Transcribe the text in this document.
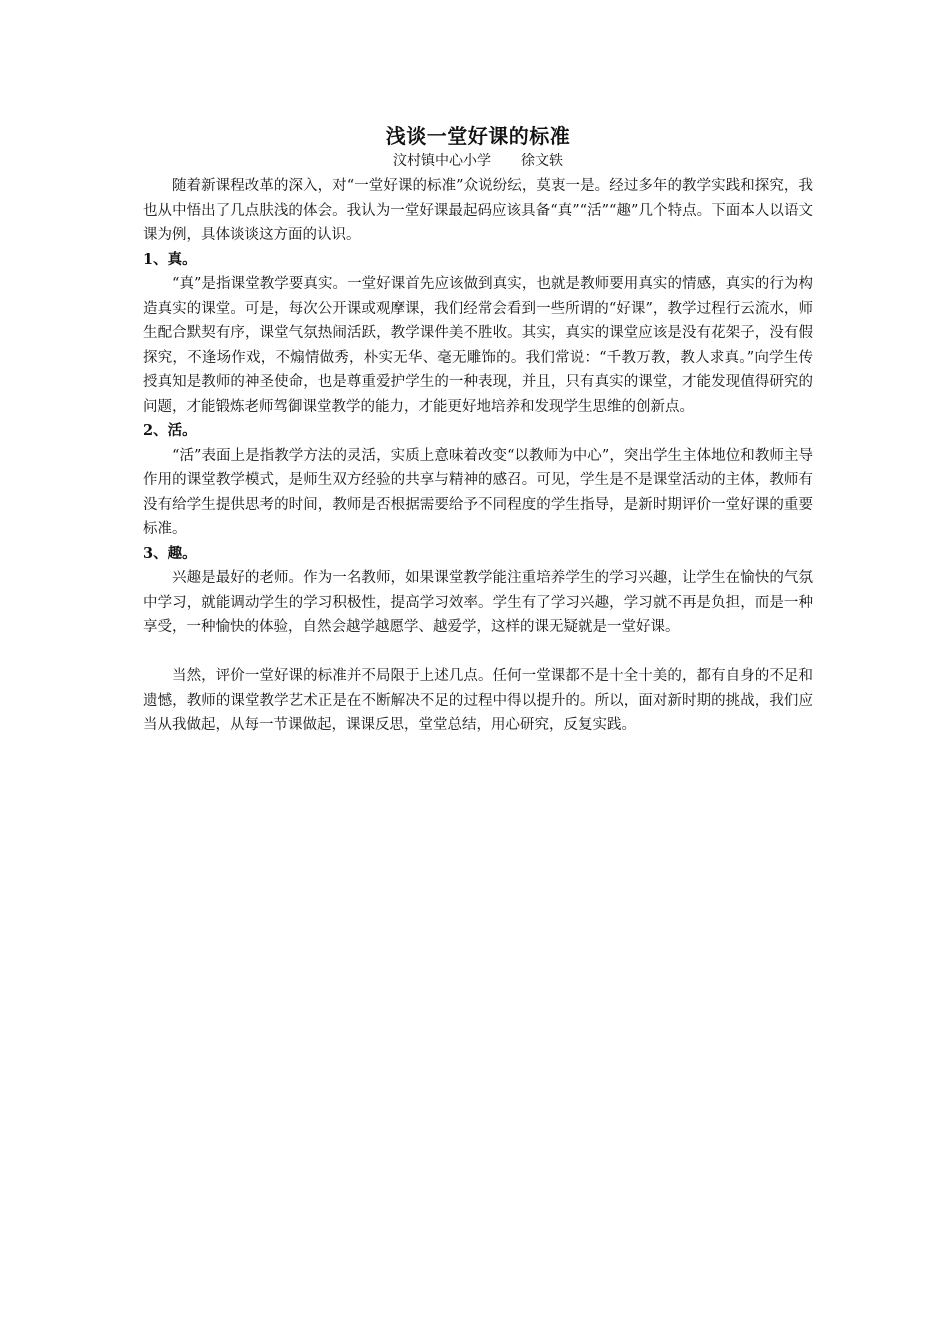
浅谈一堂好课的标准
汶村镇中心小学 徐文轶

随着新课程改革的深入，对“一堂好课的标准”众说纷纭，莫衷一是。经过多年的教学实践和探究，我也从中悟出了几点肤浅的体会。我认为一堂好课最起码应该具备“真”“活”“趣”几个特点。下面本人以语文课为例，具体谈谈这方面的认识。

1、真。

“真”是指课堂教学要真实。一堂好课首先应该做到真实，也就是教师要用真实的情感，真实的行为构造真实的课堂。可是，每次公开课或观摩课，我们经常会看到一些所谓的“好课”，教学过程行云流水，师生配合默契有序，课堂气氛热闹活跃，教学课件美不胜收。其实，真实的课堂应该是没有花架子，没有假探究，不逢场作戏，不煽情做秀，朴实无华、毫无雕饰的。我们常说：“千教万教，教人求真。”向学生传授真知是教师的神圣使命，也是尊重爱护学生的一种表现，并且，只有真实的课堂，才能发现值得研究的问题，才能锻炼老师驾御课堂教学的能力，才能更好地培养和发现学生思维的创新点。

2、活。

“活”表面上是指教学方法的灵活，实质上意味着改变“以教师为中心”，突出学生主体地位和教师主导作用的课堂教学模式，是师生双方经验的共享与精神的感召。可见，学生是不是课堂活动的主体，教师有没有给学生提供思考的时间，教师是否根据需要给予不同程度的学生指导，是新时期评价一堂好课的重要标准。

3、趣。

兴趣是最好的老师。作为一名教师，如果课堂教学能注重培养学生的学习兴趣，让学生在愉快的气氛中学习，就能调动学生的学习积极性，提高学习效率。学生有了学习兴趣，学习就不再是负担，而是一种享受，一种愉快的体验，自然会越学越愿学、越爱学，这样的课无疑就是一堂好课。

当然，评价一堂好课的标准并不局限于上述几点。任何一堂课都不是十全十美的，都有自身的不足和遗憾，教师的课堂教学艺术正是在不断解决不足的过程中得以提升的。所以，面对新时期的挑战，我们应当从我做起，从每一节课做起，课课反思，堂堂总结，用心研究，反复实践。
